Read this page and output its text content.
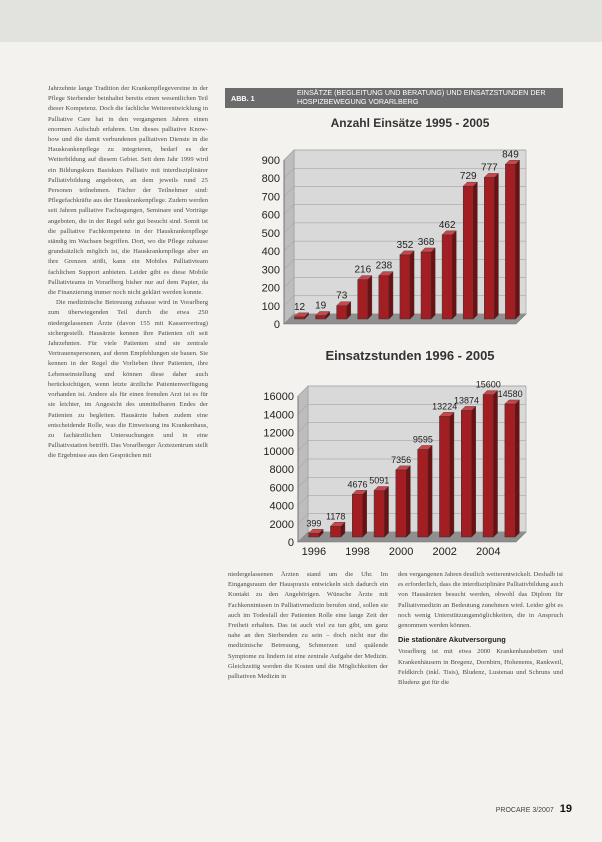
Jahrzehnte lange Tradition der Krankenpflegevereine in der Pflege Sterbender beinhaltet bereits einen wesentlichen Teil dieser Kompetenz. Doch die fachliche Weiterentwicklung in Palliative Care hat in den vergangenen Jahren einen enormen Aufschub erfahren. Um dieses palliative Know-how und die damit verbundenen palliativen Dienste in die Hauskrankenpflege zu integrieren, bedarf es der Weiterbildung auf diesem Gebiet. Seit dem Jahr 1999 wird ein Bildungskurs Basiskurs Palliativ mit interdisziplinärer Palliativbildung angeboten, an dem jeweils rund 25 Personen teilnehmen. Fächer der Teilnehmer sind: Pflegefachkräfte aus der Hauskrankenpflege. Zudem werden seit Jahren palliative Fachtagungen, Seminare und Vorträge angeboten, die in der Regel sehr gut besucht sind. Somit ist die palliative Fachkompetenz in der Hauskrankenpflege ständig im Wachsen begriffen. Dort, wo die Pflege zuhause grundsätzlich möglich ist, die Hauskrankenpflege aber an ihre Grenzen stößt, kann ein Mobiles Palliativteam fachlichen Support anbieten. Leider gibt es diese Mobile Palliativteams in Vorarlberg bisher nur auf dem Papier, da die Finanzierung immer noch nicht geklärt werden konnte.

Die medizinische Betreuung zuhause wird in Vorarlberg zum überwiegenden Teil durch die etwa 250 niedergelassenen Ärzte (davon 155 mit Kassenvertrag) sichergestellt. Hausärzte kennen ihre Patienten oft seit Jahrzehnten. Für viele Patienten sind sie zentrale Vertrauenspersonen, auf deren Empfehlungen sie bauen. Sie kennen in der Regel die Vorlieben ihrer Patienten, ihre Lebenseinstellung und können diese daher auch berücksichtigen, wenn letzte ärztliche Patientenverfügung vorhanden ist. Andere als für einen fremden Arzt ist es für sie leichter, im Angesicht des unmittelbaren Endes der Patienten zu begleiten. Hausärzte haben zudem eine entscheidende Rolle, was die Einweisung ins Krankenhaus, zu fachärztlichen Untersuchungen und in eine Palliativstation betrifft. Das Vorarlberger Ärztezentrum stellt die Ergebnisse aus den Gesprächen mit

ABB. 1
EINSÄTZE (BEGLEITUNG UND BERATUNG) UND EINSATZSTUNDEN DER HOSPIZBEWEGUNG VORARLBERG
Anzahl Einsätze 1995 - 2005
0
100
200
300
400
500
600
700
800
900
12 19
73
216 238
352 368
462
729
777
849
Einsatzstunden 1996 - 2005
0
2000
4000
6000
8000
10000
12000
14000
16000
399
1178
4676 5091
7356
9595
13224
13874
15600
14580
1996 1998 2000 2002 2004

niedergelassenen Ärzten stand um die Uhr. Im Eingangsraum der Hauspraxis entwickeln sich dadurch ein Kontakt zu den Angehörigen. Wünsche Ärzte mit Fachkenntnissen in Palliativmedizin berufen sind, sollen sie auch im Todesfall der Patienten Rolle eine lange Zeit der Freiheit erhalten. Das ist auch viel zu tun gibt, um ganz nahe an den Sterbenden zu sein – doch nicht nur die medizinische Betreuung, Schmerzen und quälende Symptome zu lindern ist eine zentrale Aufgabe der Medizin. Gleichzeitig werden die Kosten und die Möglichkeiten der palliativen Medizin in

den vergangenen Jahren deutlich weiterentwickelt. Deshalb ist es erforderlich, dass die interdisziplinäre Palliativbildung auch von Hausärzten besucht werden, obwohl das Diplom für Palliativmedizin an Bedeutung zunehmen wird. Leider gibt es noch wenig Unterstützungsmöglichkeiten, die in Anspruch genommen werden können.

Die stationäre Akutversorgung

Vorarlberg ist mit etwa 2000 Krankenhausbetten und Krankenhäusern in Bregenz, Dornbirn, Hohenems, Rankweil, Feldkirch (inkl. Tisis), Bludenz, Lustenau und Schruns und Bludenz gut für die

PROCARE 3/2007 19
